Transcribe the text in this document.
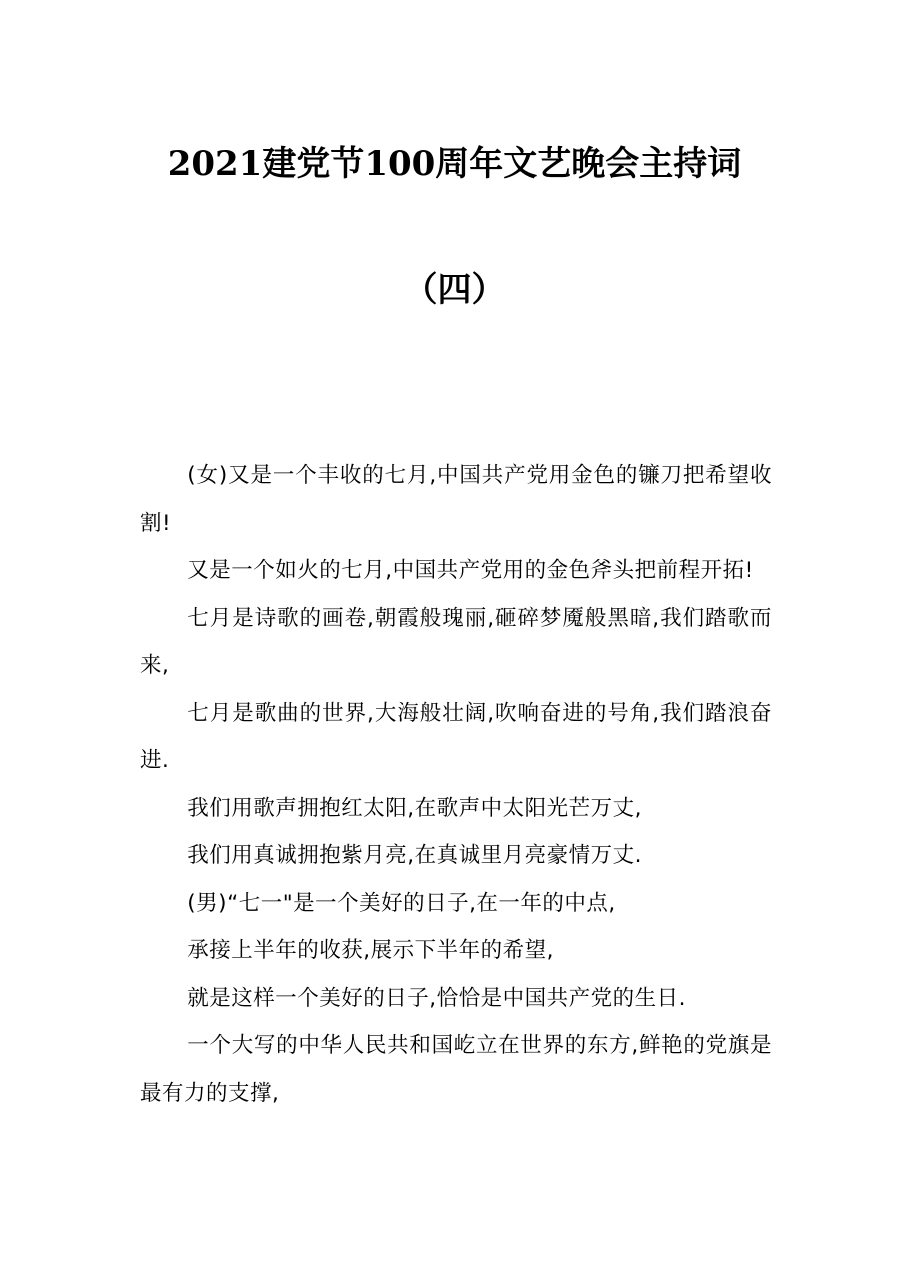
2021建党节100周年文艺晚会主持词
（四）

(女)又是一个丰收的七月,中国共产党用金色的镰刀把希望收割!

又是一个如火的七月,中国共产党用的金色斧头把前程开拓!

七月是诗歌的画卷,朝霞般瑰丽,砸碎梦魇般黑暗,我们踏歌而来,

七月是歌曲的世界,大海般壮阔,吹响奋进的号角,我们踏浪奋进.

我们用歌声拥抱红太阳,在歌声中太阳光芒万丈,

我们用真诚拥抱紫月亮,在真诚里月亮豪情万丈.

(男)“七一"是一个美好的日子,在一年的中点,

承接上半年的收获,展示下半年的希望,

就是这样一个美好的日子,恰恰是中国共产党的生日.

一个大写的中华人民共和国屹立在世界的东方,鲜艳的党旗是最有力的支撑,
